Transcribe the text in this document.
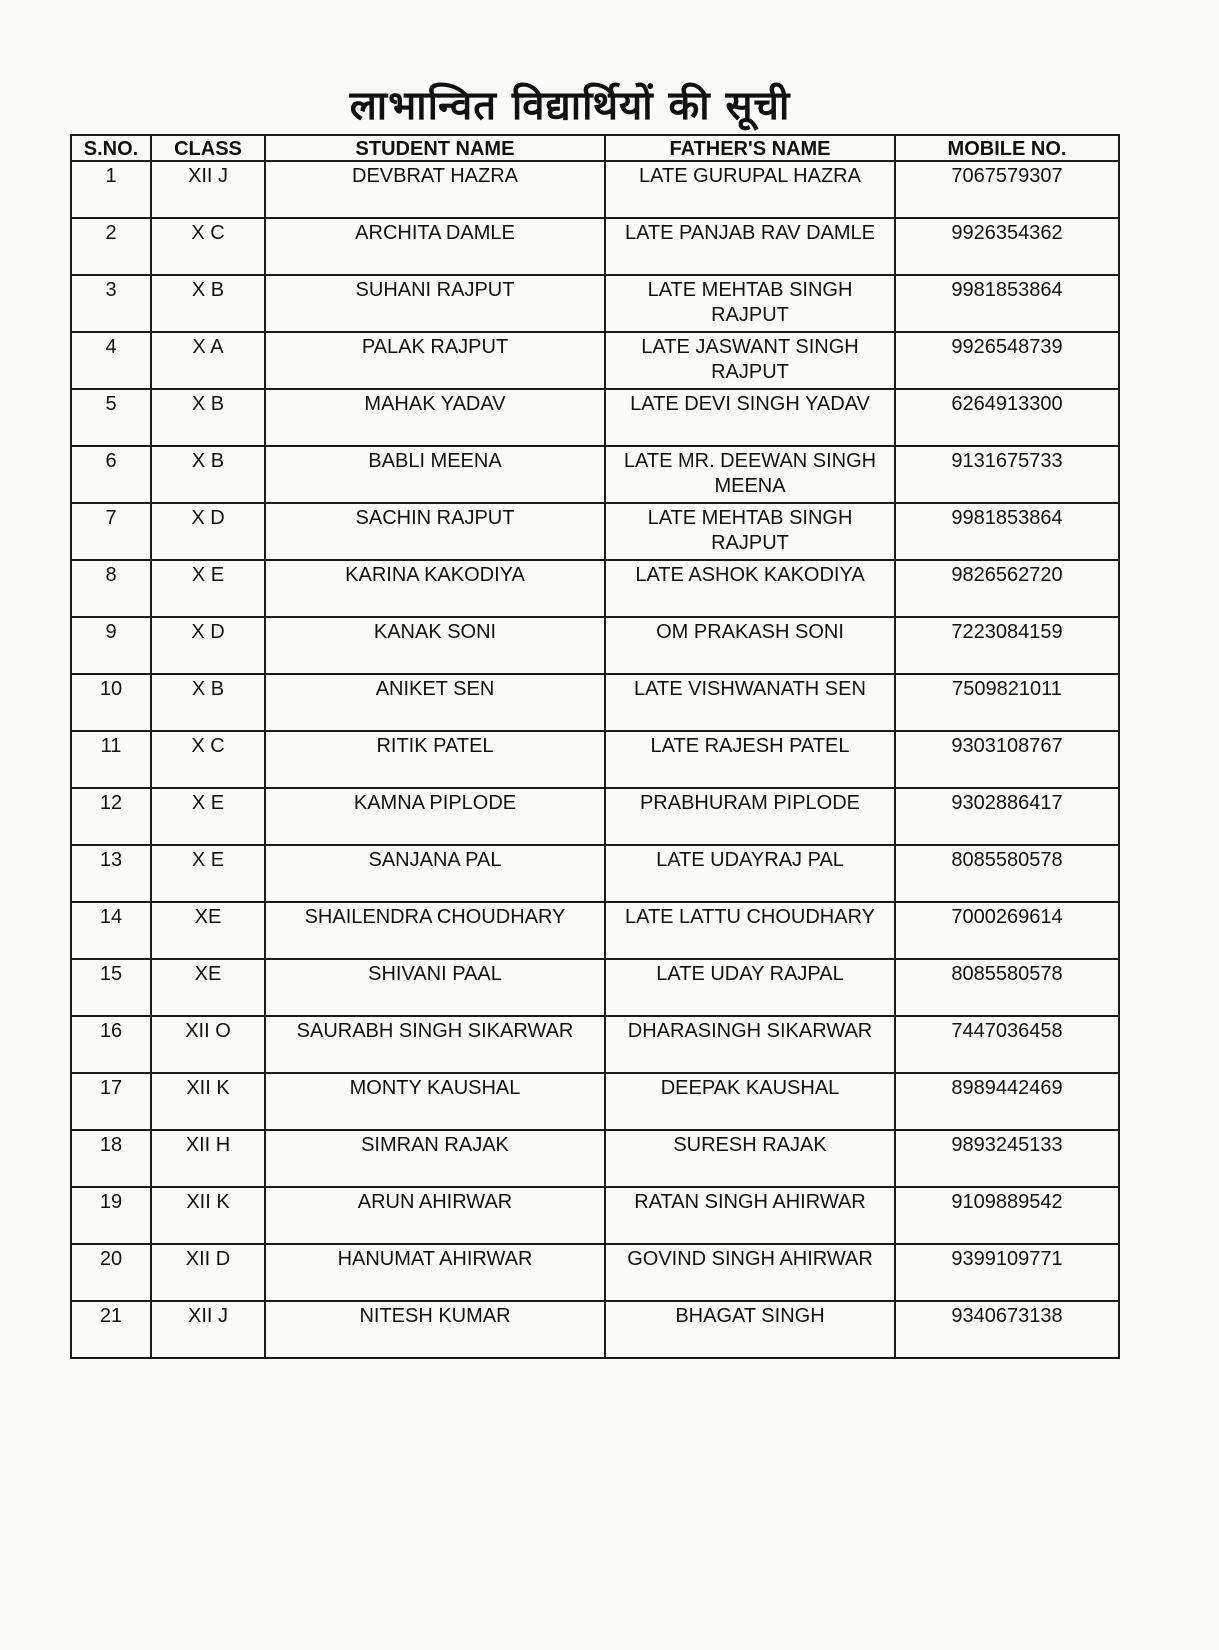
लाभान्वित विद्यार्थियों की सूची
S.NO.	CLASS	STUDENT NAME	FATHER'S NAME	MOBILE NO.
1	XII J	DEVBRAT HAZRA	LATE GURUPAL HAZRA	7067579307
2	X C	ARCHITA DAMLE	LATE PANJAB RAV DAMLE	9926354362
3	X B	SUHANI RAJPUT	LATE MEHTAB SINGH RAJPUT	9981853864
4	X A	PALAK RAJPUT	LATE JASWANT SINGH RAJPUT	9926548739
5	X B	MAHAK YADAV	LATE DEVI SINGH YADAV	6264913300
6	X B	BABLI MEENA	LATE MR. DEEWAN SINGH MEENA	9131675733
7	X D	SACHIN RAJPUT	LATE MEHTAB SINGH RAJPUT	9981853864
8	X E	KARINA KAKODIYA	LATE ASHOK KAKODIYA	9826562720
9	X D	KANAK SONI	OM PRAKASH SONI	7223084159
10	X B	ANIKET SEN	LATE VISHWANATH SEN	7509821011
11	X C	RITIK PATEL	LATE RAJESH PATEL	9303108767
12	X E	KAMNA PIPLODE	PRABHURAM PIPLODE	9302886417
13	X E	SANJANA PAL	LATE UDAYRAJ PAL	8085580578
14	XE	SHAILENDRA CHOUDHARY	LATE LATTU CHOUDHARY	7000269614
15	XE	SHIVANI PAAL	LATE UDAY RAJPAL	8085580578
16	XII O	SAURABH SINGH SIKARWAR	DHARASINGH SIKARWAR	7447036458
17	XII K	MONTY KAUSHAL	DEEPAK KAUSHAL	8989442469
18	XII H	SIMRAN RAJAK	SURESH RAJAK	9893245133
19	XII K	ARUN AHIRWAR	RATAN SINGH AHIRWAR	9109889542
20	XII D	HANUMAT AHIRWAR	GOVIND SINGH AHIRWAR	9399109771
21	XII J	NITESH KUMAR	BHAGAT SINGH	9340673138
